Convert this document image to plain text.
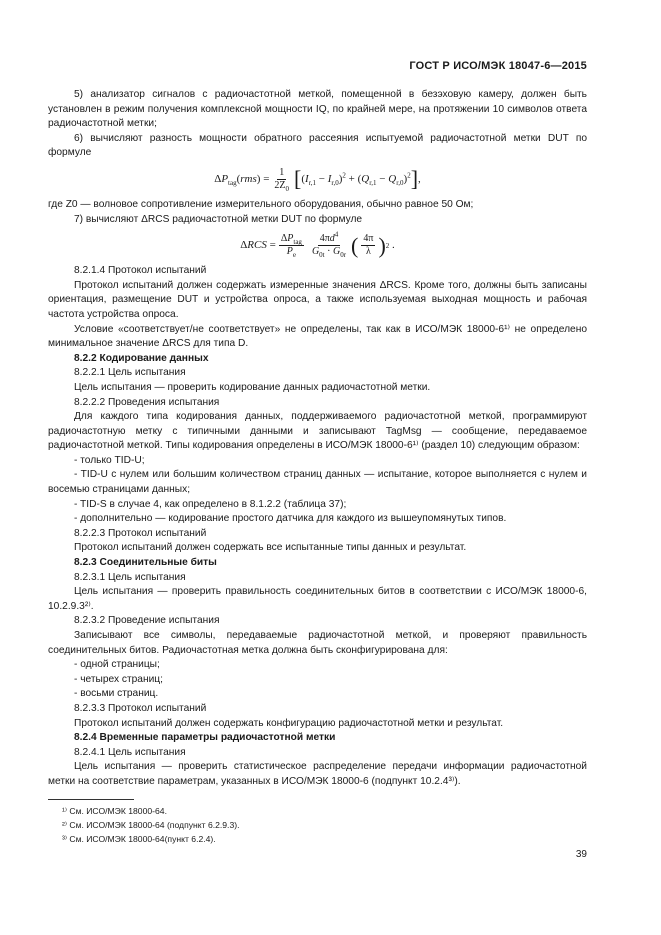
ГОСТ Р ИСО/МЭК 18047-6—2015

5) анализатор сигналов с радиочастотной меткой, помещенной в безэховую камеру, должен быть установлен в режим получения комплексной мощности IQ, по крайней мере, на протяжении 10 символов ответа радиочастотной метки;

6) вычисляют разность мощности обратного рассеяния испытуемой радиочастотной метки DUT по формуле

$\Delta P_{tag}(rms) = \frac{1}{2Z_0}$ [ $(I_{r,1} - I_{r,0})^2 + (Q_{r,1} - Q_{r,0})^2$ ] ,

где Z0 — волновое сопротивление измерительного оборудования, обычно равное 50 Ом;

7) вычисляют ΔRCS радиочастотной метки DUT по формуле

$\Delta RCS = \frac{\Delta P_{tag}}{P_e} \frac{4\pi d^4}{G_{0t} \cdot G_{0r}}$ ( $\frac{4\pi}{\lambda}$ ) 2 .

8.2.1.4 Протокол испытаний

Протокол испытаний должен содержать измеренные значения ΔRCS. Кроме того, должны быть записаны ориентация, размещение DUT и устройства опроса, а также используемая выходная мощность и рабочая частота устройства опроса.

Условие «соответствует/не соответствует» не определены, так как в ИСО/МЭК 18000-6¹⁾ не определено минимальное значение ΔRCS для типа D.

8.2.2 Кодирование данных

8.2.2.1 Цель испытания

Цель испытания — проверить кодирование данных радиочастотной метки.

8.2.2.2 Проведения испытания

Для каждого типа кодирования данных, поддерживаемого радиочастотной меткой, программируют радиочастотную метку с типичными данными и записывают TagMsg — сообщение, передаваемое радиочастотной меткой. Типы кодирования определены в ИСО/МЭК 18000-6¹⁾ (раздел 10) следующим образом:

- только TID-U;

- TID-U с нулем или большим количеством страниц данных — испытание, которое выполняется с нулем и восемью страницами данных;

- TID-S в случае 4, как определено в 8.1.2.2 (таблица 37);

- дополнительно — кодирование простого датчика для каждого из вышеупомянутых типов.

8.2.2.3 Протокол испытаний

Протокол испытаний должен содержать все испытанные типы данных и результат.

8.2.3 Соединительные биты

8.2.3.1 Цель испытания

Цель испытания — проверить правильность соединительных битов в соответствии с ИСО/МЭК 18000-6, 10.2.9.3²⁾.

8.2.3.2 Проведение испытания

Записывают все символы, передаваемые радиочастотной меткой, и проверяют правильность соединительных битов. Радиочастотная метка должна быть сконфигурирована для:

- одной страницы;

- четырех страниц;

- восьми страниц.

8.2.3.3 Протокол испытаний

Протокол испытаний должен содержать конфигурацию радиочастотной метки и результат.

8.2.4 Временные параметры радиочастотной метки

8.2.4.1 Цель испытания

Цель испытания — проверить статистическое распределение передачи информации радиочастотной метки на соответствие параметрам, указанных в ИСО/МЭК 18000-6 (подпункт 10.2.4³⁾).

¹⁾ См. ИСО/МЭК 18000-64.
²⁾ См. ИСО/МЭК 18000-64 (подпункт 6.2.9.3).
³⁾ См. ИСО/МЭК 18000-64(пункт 6.2.4).
39
